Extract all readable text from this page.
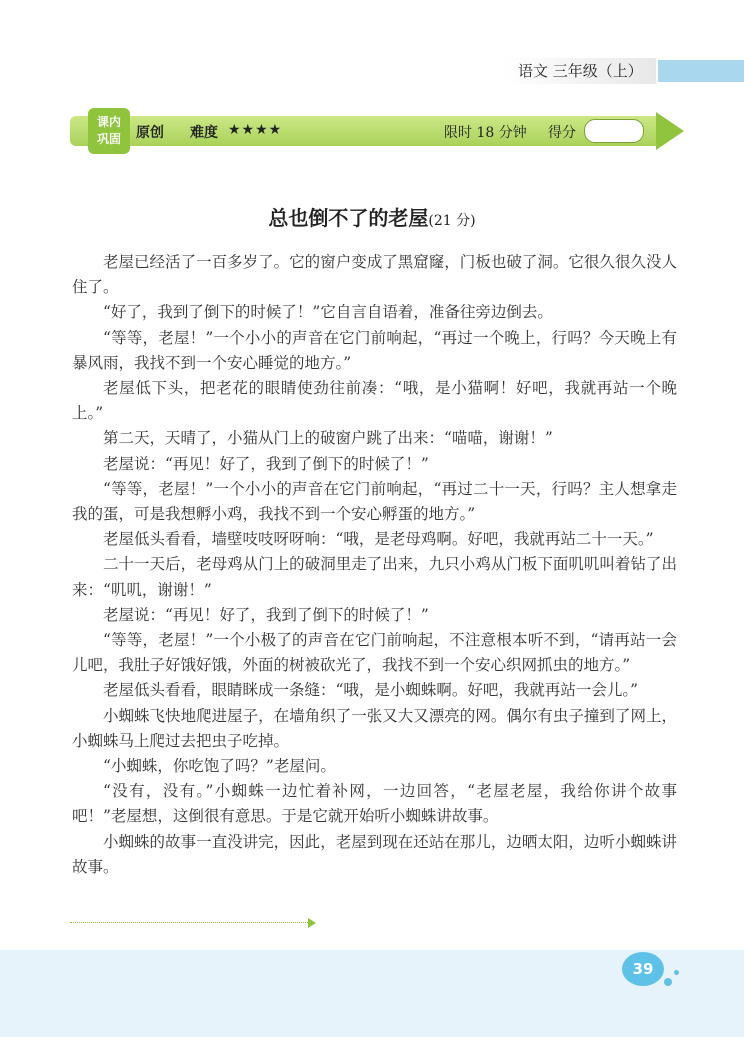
语文 三年级（上）
课内
巩固	原创 难度 ★★★★	限时 18 分钟 得分
总也倒不了的老屋(21 分)

老屋已经活了一百多岁了。它的窗户变成了黑窟窿，门板也破了洞。它很久很久没人住了。

“好了，我到了倒下的时候了！”它自言自语着，准备往旁边倒去。

“等等，老屋！”一个小小的声音在它门前响起，“再过一个晚上，行吗？今天晚上有暴风雨，我找不到一个安心睡觉的地方。”

老屋低下头，把老花的眼睛使劲往前凑：“哦，是小猫啊！好吧，我就再站一个晚上。”

第二天，天晴了，小猫从门上的破窗户跳了出来：“喵喵，谢谢！”

老屋说：“再见！好了，我到了倒下的时候了！”

“等等，老屋！”一个小小的声音在它门前响起，“再过二十一天，行吗？主人想拿走我的蛋，可是我想孵小鸡，我找不到一个安心孵蛋的地方。”

老屋低头看看，墙壁吱吱呀呀响：“哦，是老母鸡啊。好吧，我就再站二十一天。”

二十一天后，老母鸡从门上的破洞里走了出来，九只小鸡从门板下面叽叽叫着钻了出来：“叽叽，谢谢！”

老屋说：“再见！好了，我到了倒下的时候了！”

“等等，老屋！”一个小极了的声音在它门前响起，不注意根本听不到，“请再站一会儿吧，我肚子好饿好饿，外面的树被砍光了，我找不到一个安心织网抓虫的地方。”

老屋低头看看，眼睛眯成一条缝：“哦，是小蜘蛛啊。好吧，我就再站一会儿。”

小蜘蛛飞快地爬进屋子，在墙角织了一张又大又漂亮的网。偶尔有虫子撞到了网上，小蜘蛛马上爬过去把虫子吃掉。

“小蜘蛛，你吃饱了吗？”老屋问。

“没有，没有。”小蜘蛛一边忙着补网，一边回答，“老屋老屋，我给你讲个故事吧！”老屋想，这倒很有意思。于是它就开始听小蜘蛛讲故事。

小蜘蛛的故事一直没讲完，因此，老屋到现在还站在那儿，边晒太阳，边听小蜘蛛讲故事。

39
